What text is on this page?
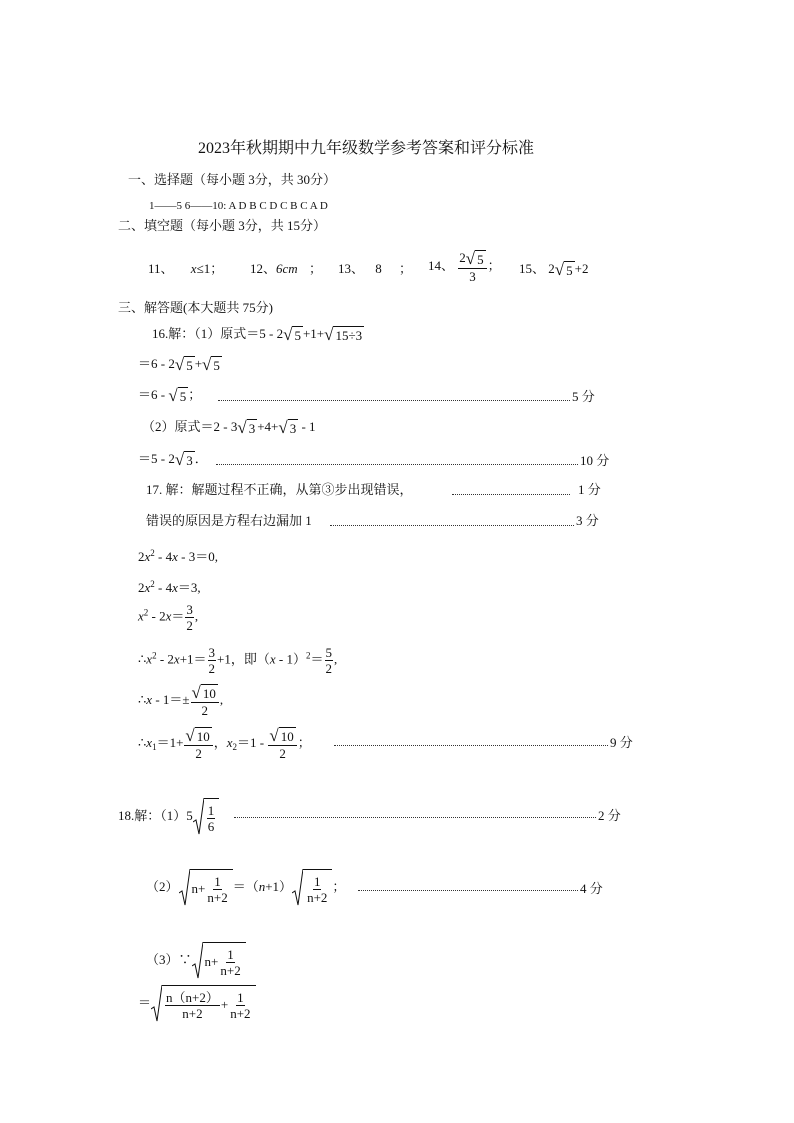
2023年秋期期中九年级数学参考答案和评分标准
一、选择题（每小题 3分，共 30分）
1——5 6——10: A D B C D C B C A D
二、填空题（每小题 3分，共 15分）
11、 x≤1； 12、6cm ； 13、 8 ； 14、 $\frac{2 √ 5}{3}$ ； 15、 2 √ 5 +2
三、解答题(本大题共 75分)
16.解：（1）原式＝5 - 2 √ 5 +1+ √ 15÷3
＝6 - 2 √ 5 + √ 5
＝6 - √ 5 ；	5 分
（2）原式＝2 - 3 √ 3 +4+ √ 3 - 1
＝5 - 2 √ 3 ．	10 分
17. 解：解题过程不正确，从第③步出现错误，	1 分
错误的原因是方程右边漏加 1	3 分
$2x^2 - 4x - 3=0$,
$2x^2 - 4x=3$,
$x^2 - 2x= \frac{3}{2}$ ,
$\therefore x^2 - 2x+1= \frac{3}{2} +1$，即$(x - 1)^2= \frac{5}{2}$ ,
∴x - $1=\pm \frac{√ 10}{2}$ ,
$\therefore x_1=1+ \frac{√ 10}{2}$ ，$x_2=1 - \frac{√ 10}{2}$ ；	9 分
18.解：$(1)5 \frac{1}{6}$	2 分
（2） $n+ \frac{1}{n+2} =(n+1) \frac{1}{n+2}$ ；	4 分
（3）∵ $n+ \frac{1}{n+2}$
＝ $\frac{n(n+2)}{n+2} + \frac{1}{n+2}$
